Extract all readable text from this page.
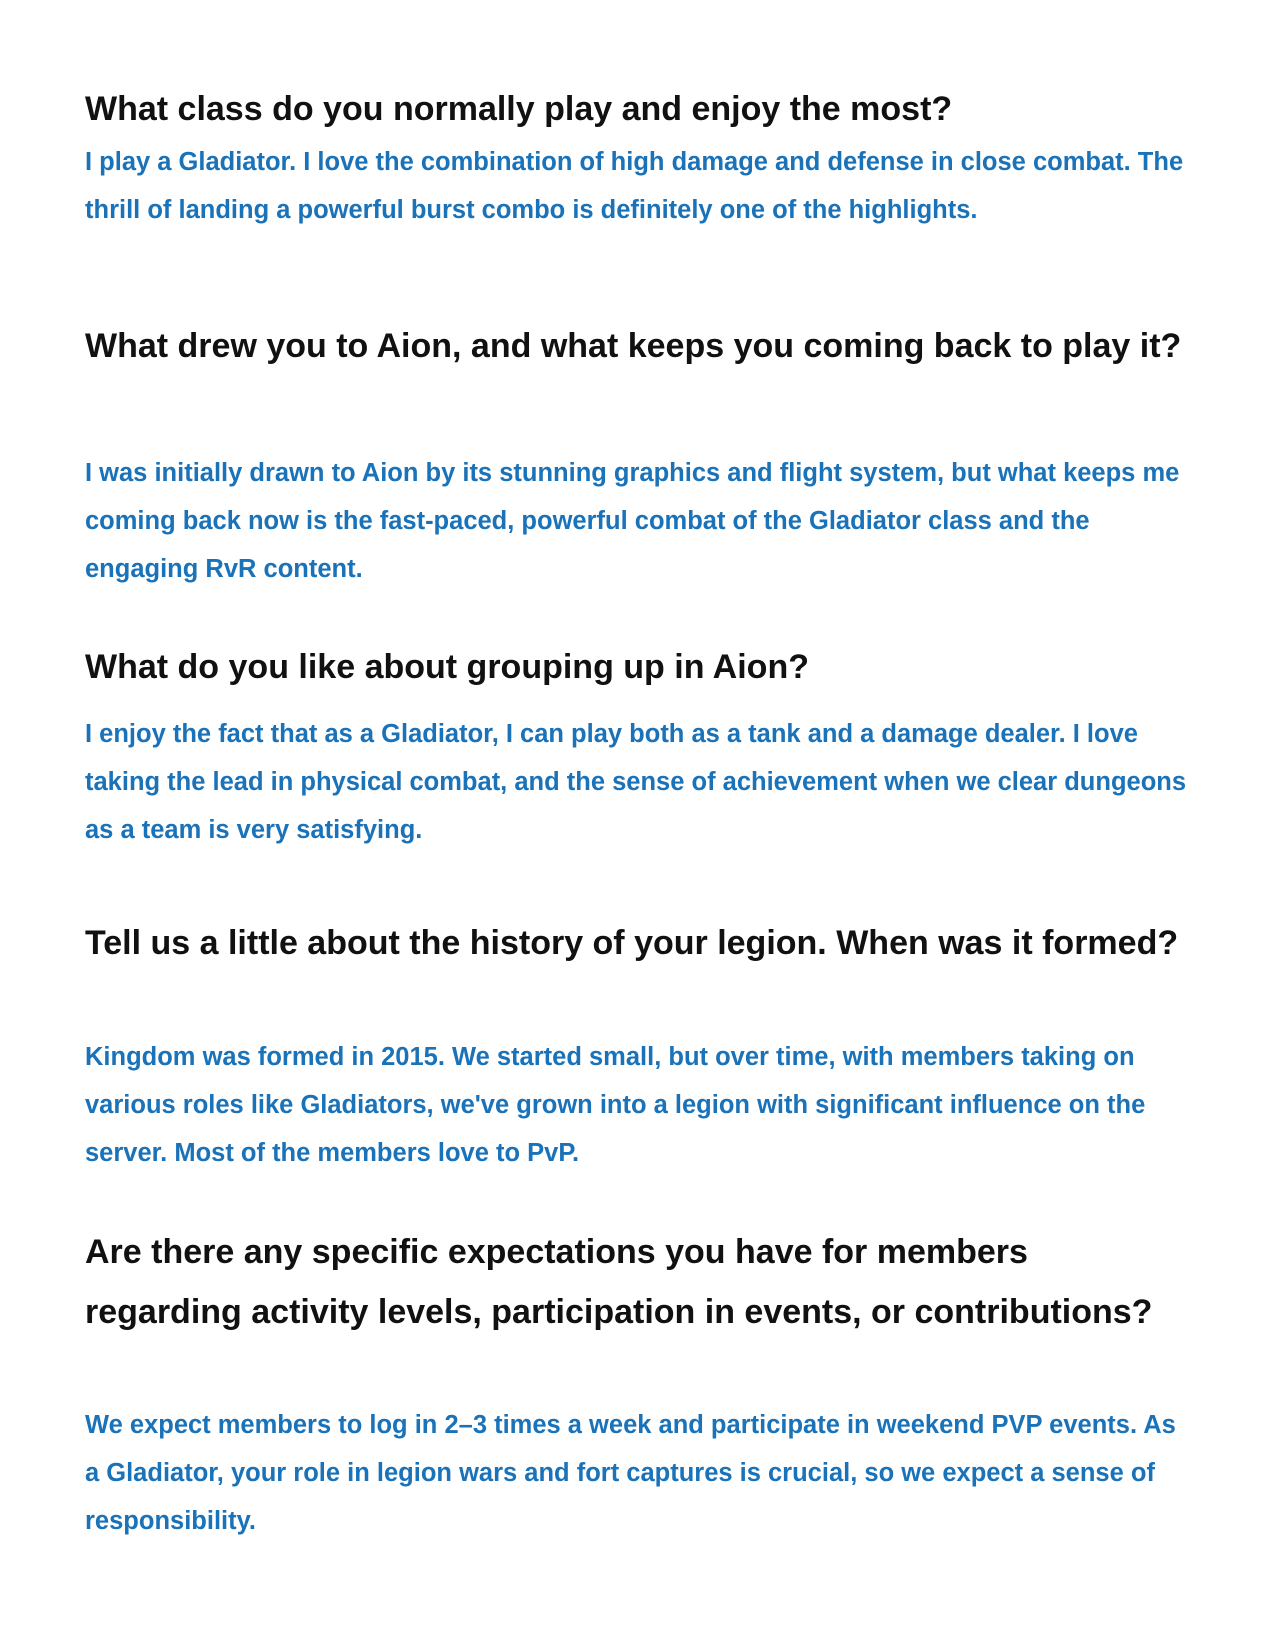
What class do you normally play and enjoy the most?

I play a Gladiator. I love the combination of high damage and defense in close combat. The thrill of landing a powerful burst combo is definitely one of the highlights.

What drew you to Aion, and what keeps you coming back to play it?

I was initially drawn to Aion by its stunning graphics and flight system, but what keeps me coming back now is the fast-paced, powerful combat of the Gladiator class and the engaging RvR content.

What do you like about grouping up in Aion?

I enjoy the fact that as a Gladiator, I can play both as a tank and a damage dealer. I love taking the lead in physical combat, and the sense of achievement when we clear dungeons as a team is very satisfying.

Tell us a little about the history of your legion. When was it formed?

Kingdom was formed in 2015. We started small, but over time, with members taking on various roles like Gladiators, we've grown into a legion with significant influence on the server. Most of the members love to PvP.

Are there any specific expectations you have for members regarding activity levels, participation in events, or contributions?

We expect members to log in 2–3 times a week and participate in weekend PVP events. As a Gladiator, your role in legion wars and fort captures is crucial, so we expect a sense of responsibility.
